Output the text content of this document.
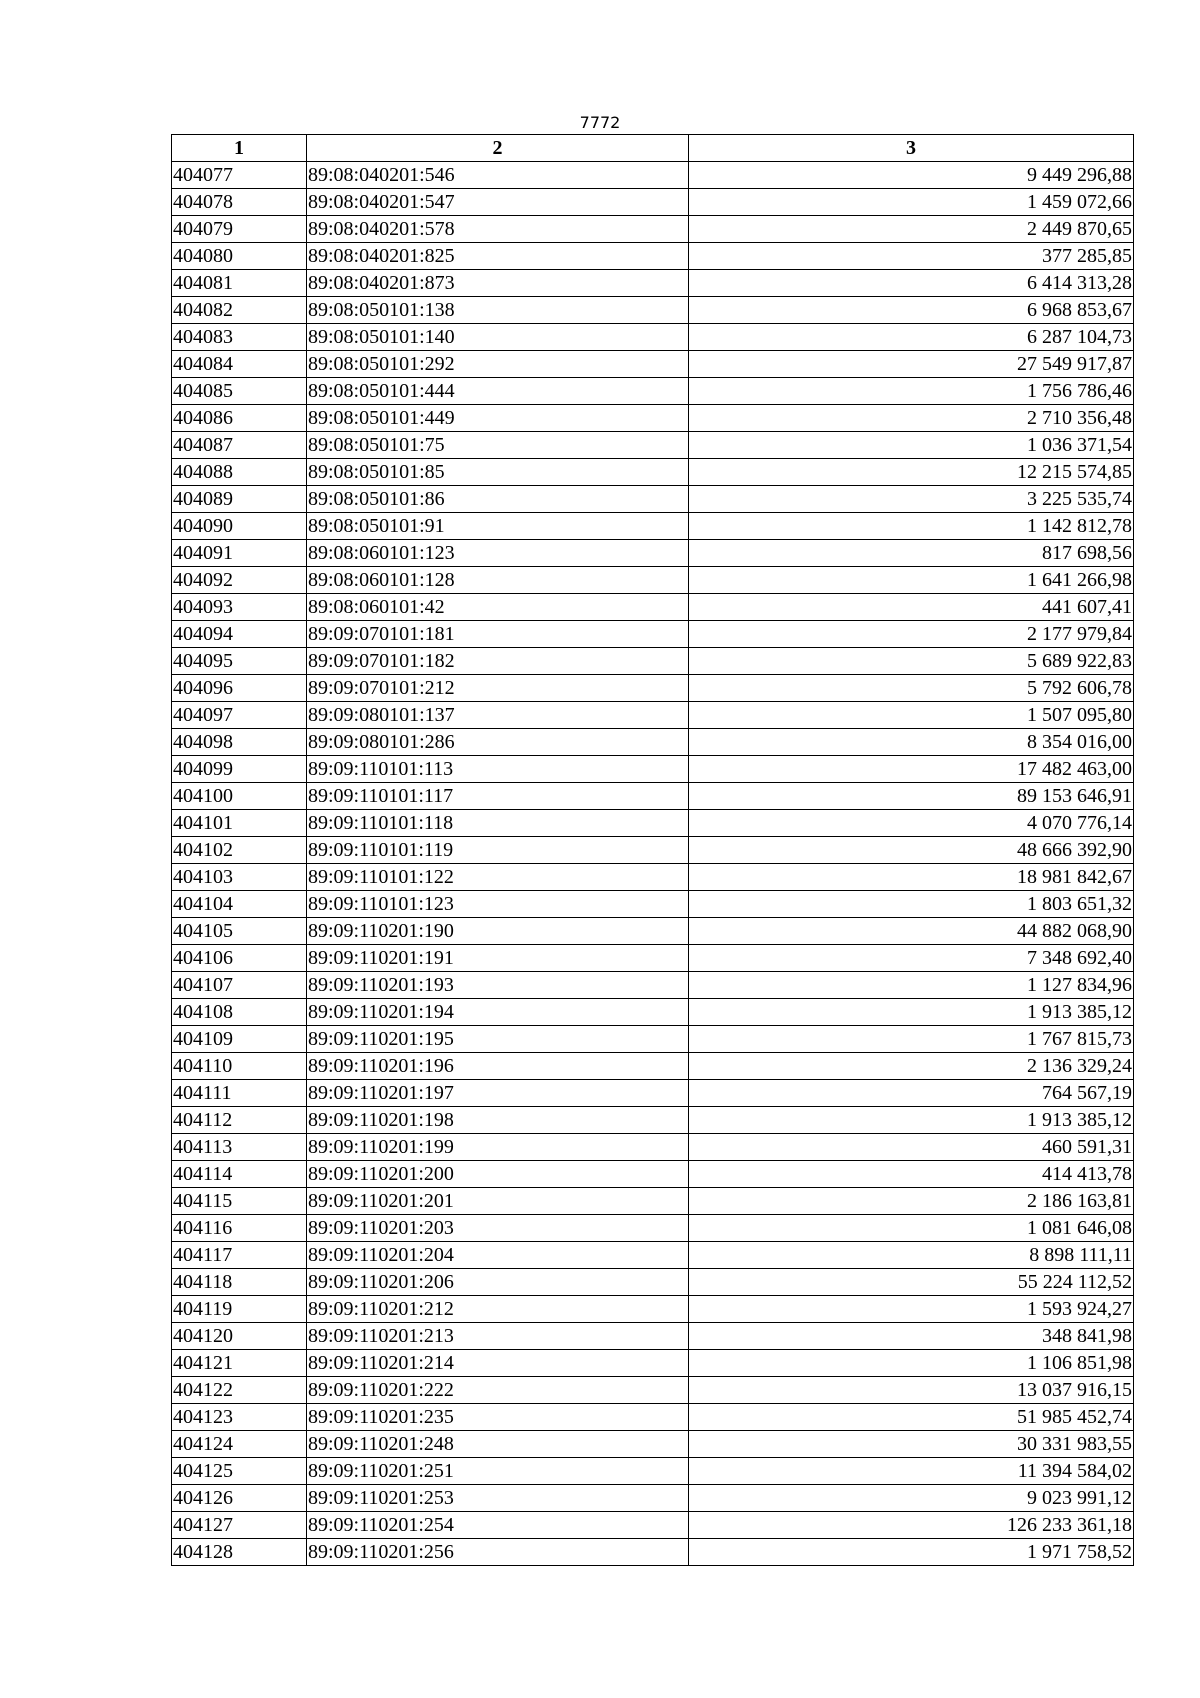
7772
1	2	3
404077	89:08:040201:546	9 449 296,88
404078	89:08:040201:547	1 459 072,66
404079	89:08:040201:578	2 449 870,65
404080	89:08:040201:825	377 285,85
404081	89:08:040201:873	6 414 313,28
404082	89:08:050101:138	6 968 853,67
404083	89:08:050101:140	6 287 104,73
404084	89:08:050101:292	27 549 917,87
404085	89:08:050101:444	1 756 786,46
404086	89:08:050101:449	2 710 356,48
404087	89:08:050101:75	1 036 371,54
404088	89:08:050101:85	12 215 574,85
404089	89:08:050101:86	3 225 535,74
404090	89:08:050101:91	1 142 812,78
404091	89:08:060101:123	817 698,56
404092	89:08:060101:128	1 641 266,98
404093	89:08:060101:42	441 607,41
404094	89:09:070101:181	2 177 979,84
404095	89:09:070101:182	5 689 922,83
404096	89:09:070101:212	5 792 606,78
404097	89:09:080101:137	1 507 095,80
404098	89:09:080101:286	8 354 016,00
404099	89:09:110101:113	17 482 463,00
404100	89:09:110101:117	89 153 646,91
404101	89:09:110101:118	4 070 776,14
404102	89:09:110101:119	48 666 392,90
404103	89:09:110101:122	18 981 842,67
404104	89:09:110101:123	1 803 651,32
404105	89:09:110201:190	44 882 068,90
404106	89:09:110201:191	7 348 692,40
404107	89:09:110201:193	1 127 834,96
404108	89:09:110201:194	1 913 385,12
404109	89:09:110201:195	1 767 815,73
404110	89:09:110201:196	2 136 329,24
404111	89:09:110201:197	764 567,19
404112	89:09:110201:198	1 913 385,12
404113	89:09:110201:199	460 591,31
404114	89:09:110201:200	414 413,78
404115	89:09:110201:201	2 186 163,81
404116	89:09:110201:203	1 081 646,08
404117	89:09:110201:204	8 898 111,11
404118	89:09:110201:206	55 224 112,52
404119	89:09:110201:212	1 593 924,27
404120	89:09:110201:213	348 841,98
404121	89:09:110201:214	1 106 851,98
404122	89:09:110201:222	13 037 916,15
404123	89:09:110201:235	51 985 452,74
404124	89:09:110201:248	30 331 983,55
404125	89:09:110201:251	11 394 584,02
404126	89:09:110201:253	9 023 991,12
404127	89:09:110201:254	126 233 361,18
404128	89:09:110201:256	1 971 758,52
